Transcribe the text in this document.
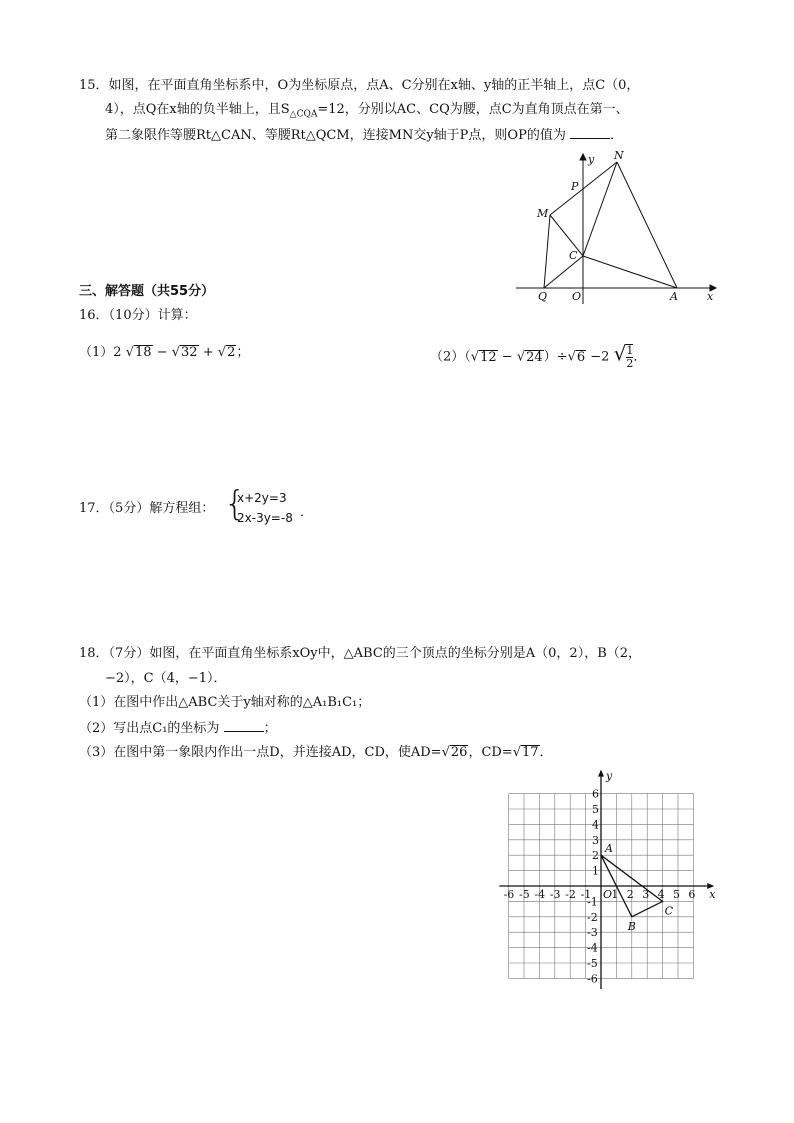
15．如图，在平面直角坐标系中，O为坐标原点，点A、C分别在x轴、y轴的正半轴上，点C（0，
4），点Q在x轴的负半轴上，且$S_{\triangle CQA}=12$，分别以AC、CQ为腰，点C为直角顶点在第一、
第二象限作等腰Rt△CAN、等腰Rt△QCM，连接MN交y轴于P点，则OP的值为	．
y
x
N
P
M
C
Q O	A
三、解答题（共55分）
16．（10分）计算：
（1）2 √18 − √32 + √2；	（2）（√12 − √24）÷√6 −2 √ $\frac{1}{2}$ ．
17．（5分）解方程组： {
x+2y=3
2x-3y=-8 ．
18．（7分）如图，在平面直角坐标系xOy中，△ABC的三个顶点的坐标分别是A（0，2），B（2，
−2），C（4，−1）．
（1）在图中作出△ABC关于y轴对称的△A₁B₁C₁；
（2）写出点C₁的坐标为	；
（3）在图中第一象限内作出一点D，并连接AD，CD，使AD=√26，CD=√17．
-6 -5 -4 -3 -2 -1 1 2 3 4 5 6
6
5
4
3
2
1
-1
-2
-3
-4
-5
-6
O	x
y
A
B
C
